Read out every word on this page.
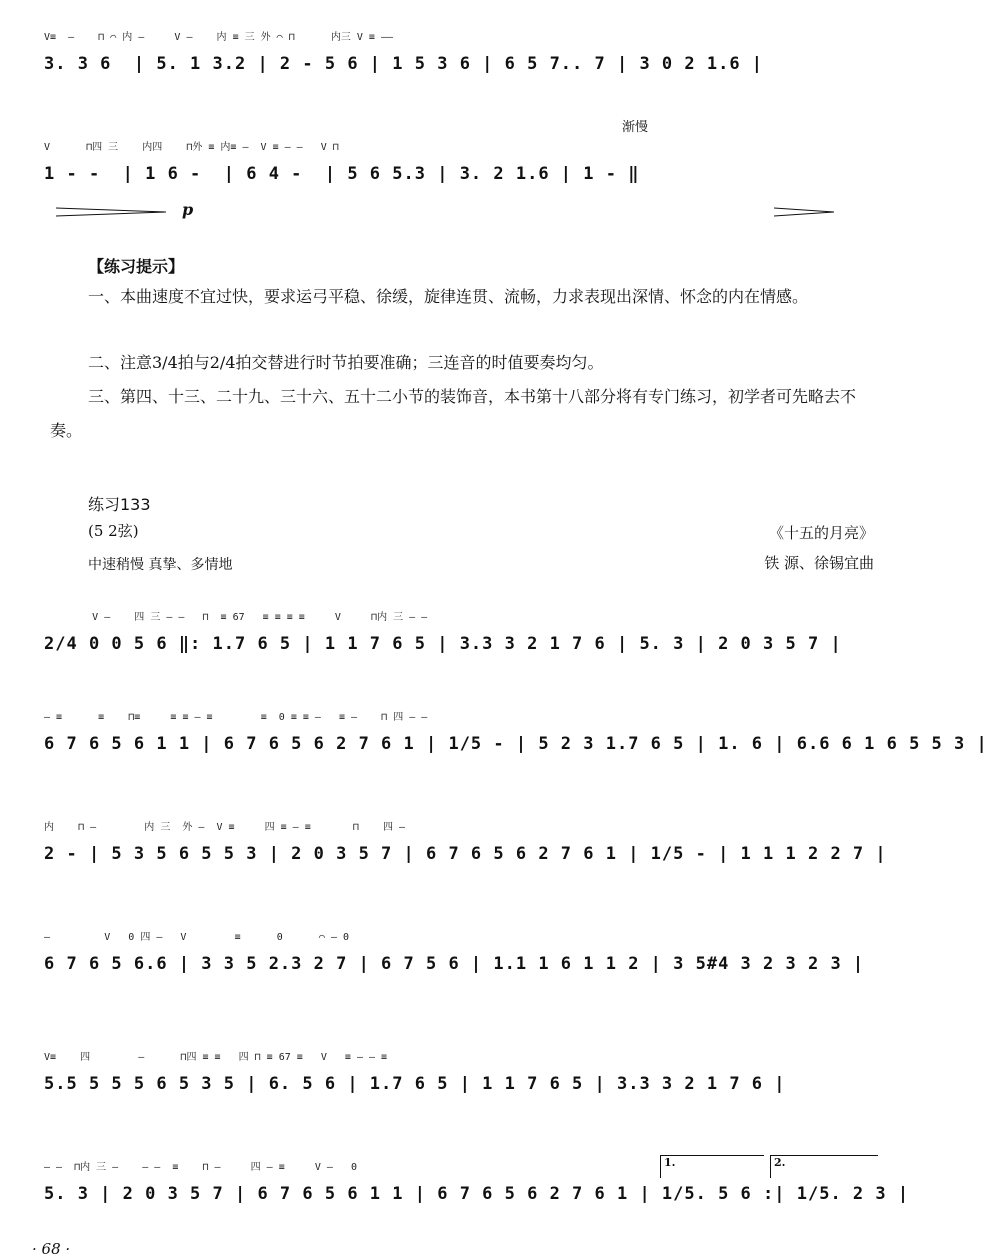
V≡  —    ⊓ ⌒ 内 —     V —    内 ≡ 三 外 ⌒ ⊓      内三 V ≡ ——
3. 3 6  | 5. 1 3.2 | 2 - 5 6 | 1 5 3 6 | 6 5 7.. 7 | 3 0 2 1.6 |
V      ⊓四 三    内四    ⊓外 ≡ 内≡ —  V ≡ — —   V ⊓
1 - -  | 1 6 -  | 6 4 -  | 5 6 5.3 | 3. 2 1.6 | 1 - ‖
渐慢
p
【练习提示】
一、本曲速度不宜过快，要求运弓平稳、徐缓，旋律连贯、流畅，力求表现出深情、怀念的内在情感。
二、注意3/4拍与2/4拍交替进行时节拍要准确；三连音的时值要奏均匀。
三、第四、十三、二十九、三十六、五十二小节的装饰音，本书第十八部分将有专门练习，初学者可先略去不奏。
练习133
(5 2弦)
中速稍慢 真挚、多情地
《十五的月亮》
铁 源、徐锡宜曲
V —    四 三 — —   ⊓  ≡ 67   ≡ ≡ ≡ ≡     V     ⊓内 三 — —
2/4 0 0 5 6 ‖: 1.7 6 5 | 1 1 7 6 5 | 3.3 3 2 1 7 6 | 5. 3 | 2 0 3 5 7 |
— ≡      ≡    ⊓≡     ≡ ≡ — ≡        ≡  0 ≡ ≡ —   ≡ —    ⊓ 四 — —
6 7 6 5 6 1 1 | 6 7 6 5 6 2 7 6 1 | 1/5 - | 5 2 3 1.7 6 5 | 1. 6 | 6.6 6 1 6 5 5 3 |
内    ⊓ —        内 三  外 —  V ≡     四 ≡ — ≡       ⊓    四 —
2 - | 5 3 5 6 5 5 3 | 2 0 3 5 7 | 6 7 6 5 6 2 7 6 1 | 1/5 - | 1 1 1 2 2 7 |
—         V   0 四 —   V        ≡      0      ⌒ — 0
6 7 6 5 6.6 | 3 3 5 2.3 2 7 | 6 7 5 6 | 1.1 1 6 1 1 2 | 3 5#4 3 2 3 2 3 |
V≡    四        —      ⊓四 ≡ ≡   四 ⊓ ≡ 67 ≡   V   ≡ — — ≡
5.5 5 5 5 6 5 3 5 | 6. 5 6 | 1.7 6 5 | 1 1 7 6 5 | 3.3 3 2 1 7 6 |
— —  ⊓内 三 —    — —  ≡    ⊓ —     四 — ≡     V —   0
5. 3 | 2 0 3 5 7 | 6 7 6 5 6 1 1 | 6 7 6 5 6 2 7 6 1 | 1/5. 5 6 :| 1/5. 2 3 |
1.	2.
· 68 ·
